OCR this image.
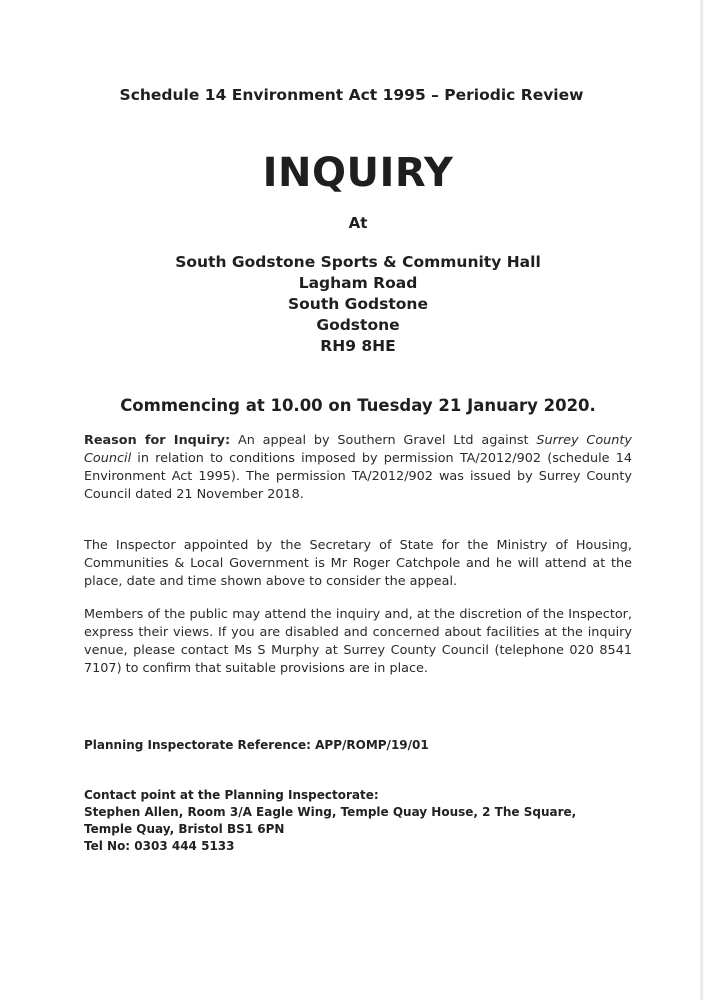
Schedule 14 Environment Act 1995 – Periodic Review
INQUIRY
At
South Godstone Sports & Community Hall
Lagham Road
South Godstone
Godstone
RH9 8HE
Commencing at 10.00 on Tuesday 21 January 2020.
Reason for Inquiry: An appeal by Southern Gravel Ltd against Surrey County Council in relation to conditions imposed by permission TA/2012/902 (schedule 14 Environment Act 1995). The permission TA/2012/902 was issued by Surrey County Council dated 21 November 2018.
The Inspector appointed by the Secretary of State for the Ministry of Housing, Communities & Local Government is Mr Roger Catchpole and he will attend at the place, date and time shown above to consider the appeal.
Members of the public may attend the inquiry and, at the discretion of the Inspector, express their views. If you are disabled and concerned about facilities at the inquiry venue, please contact Ms S Murphy at Surrey County Council (telephone 020 8541 7107) to confirm that suitable provisions are in place.
Planning Inspectorate Reference: APP/ROMP/19/01
Contact point at the Planning Inspectorate:
Stephen Allen, Room 3/A Eagle Wing, Temple Quay House, 2 The Square,
Temple Quay, Bristol BS1 6PN
Tel No: 0303 444 5133
